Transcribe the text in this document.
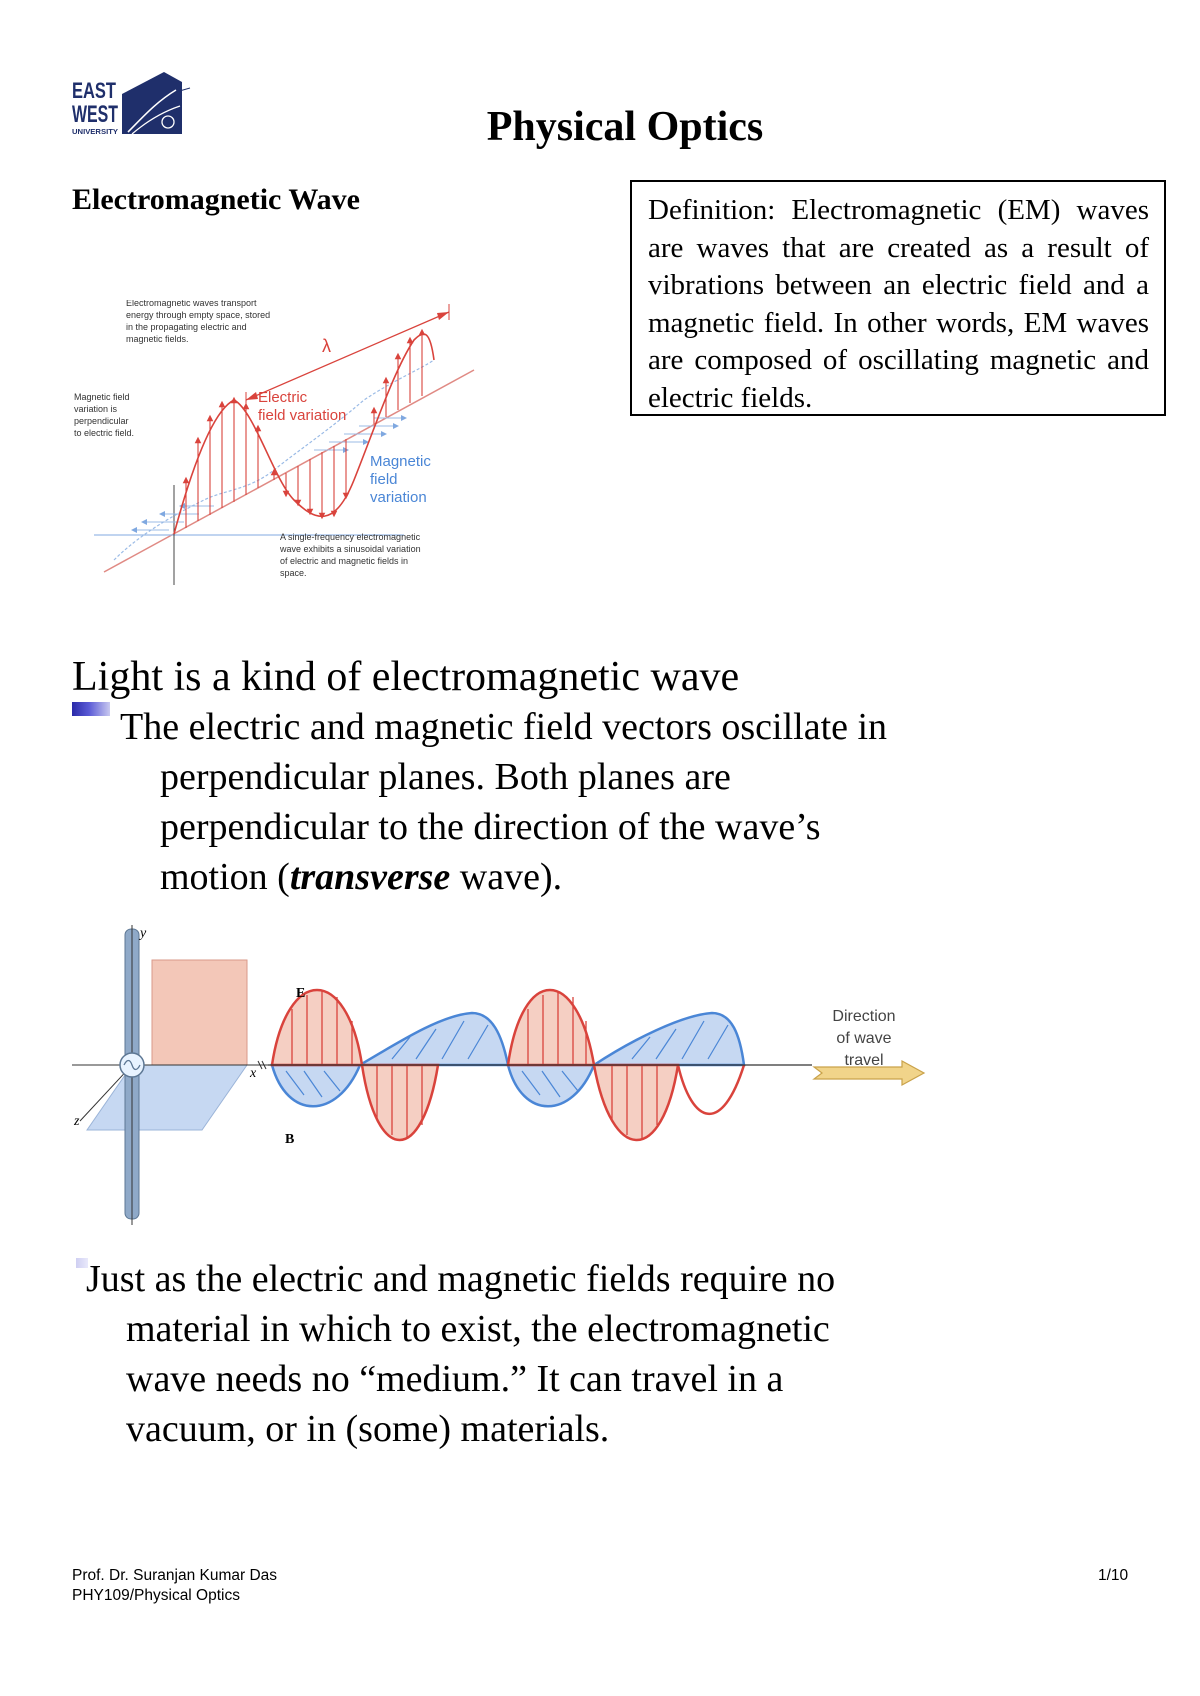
EAST
WEST
UNIVERSITY	Physical Optics
Electromagnetic Wave	Definition: Electromagnetic (EM) waves are waves that are created as a result of vibrations between an electric field and a magnetic field. In other words, EM waves are composed of oscillating magnetic and electric fields.
λ
Electromagnetic waves transport
energy through empty space, stored
in the propagating electric and
magnetic fields.
Magnetic field
variation is
perpendicular
to electric field.
A single-frequency electromagnetic
wave exhibits a sinusoidal variation
of electric and magnetic fields in
space.
Electric
field variation
Magnetic
field
variation
Light is a kind of electromagnetic wave
The electric and magnetic field vectors oscillate in
perpendicular planes. Both planes are
perpendicular to the direction of the wave’s
motion (transverse wave).
y
x
z
E
B
Direction
of wave
travel
Just as the electric and magnetic fields require no
material in which to exist, the electromagnetic
wave needs no “medium.” It can travel in a
vacuum, or in (some) materials.
Prof. Dr. Suranjan Kumar Das
PHY109/Physical Optics
1/10
